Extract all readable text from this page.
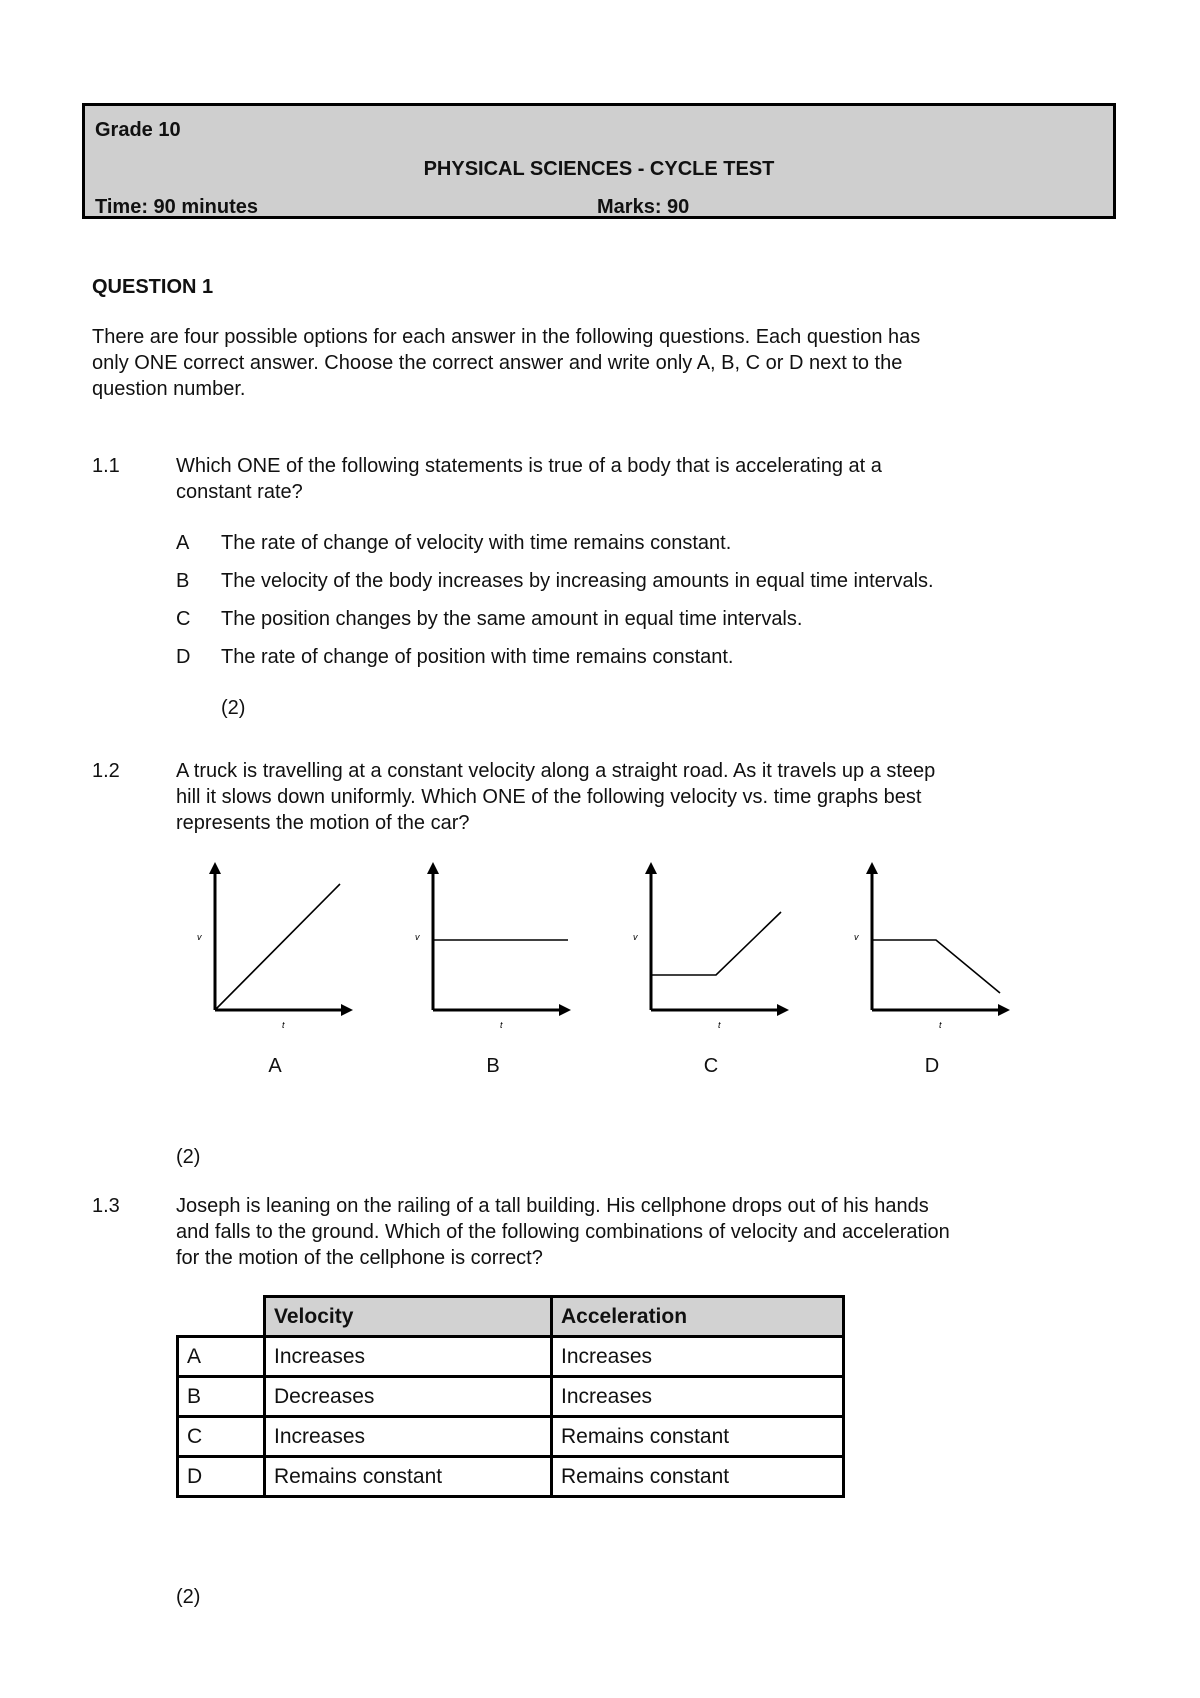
Grade 10
PHYSICAL SCIENCES - CYCLE TEST
Time: 90 minutes	Marks: 90
QUESTION 1
There are four possible options for each answer in the following questions. Each question has
only ONE correct answer. Choose the correct answer and write only A, B, C or D next to the
question number.
1.1	Which ONE of the following statements is true of a body that is accelerating at a
constant rate?
A The rate of change of velocity with time remains constant.
B The velocity of the body increases by increasing amounts in equal time intervals.
C The position changes by the same amount in equal time intervals.
D The rate of change of position with time remains constant.
(2)
1.2	A truck is travelling at a constant velocity along a straight road. As it travels up a steep
hill it slows down uniformly. Which ONE of the following velocity vs. time graphs best
represents the motion of the car?
v
t
v
t
v
t
v
t
A	B	C	D
(2)
1.3	Joseph is leaning on the railing of a tall building. His cellphone drops out of his hands
and falls to the ground. Which of the following combinations of velocity and acceleration
for the motion of the cellphone is correct?
	Velocity	Acceleration
A	Increases	Increases
B	Decreases	Increases
C	Increases	Remains constant
D	Remains constant	Remains constant
(2)
